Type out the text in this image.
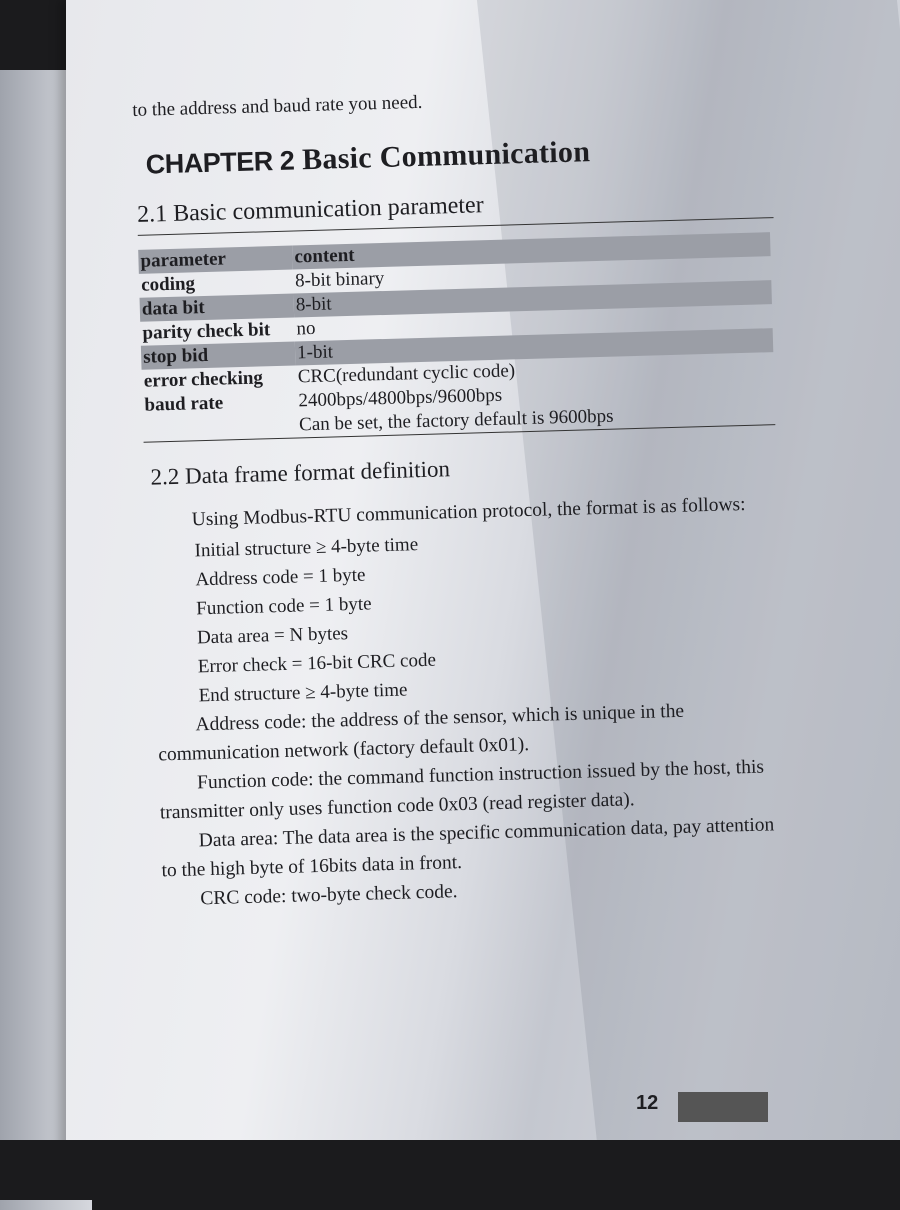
to the address and baud rate you need.

CHAPTER 2 Basic Communication
2.1 Basic communication parameter
parameter	content
coding	8-bit binary
data bit	8-bit
parity check bit	no
stop bid	1-bit
error checking	CRC(redundant cyclic code)
baud rate	2400bps/4800bps/9600bps
	Can be set, the factory default is 9600bps
2.2 Data frame format definition

Using Modbus-RTU communication protocol, the format is as follows:

Initial structure ≥ 4-byte time
Address code = 1 byte
Function code = 1 byte
Data area = N bytes
Error check = 16-bit CRC code
End structure ≥ 4-byte time

Address code: the address of the sensor, which is unique in the communication network (factory default 0x01).

Function code: the command function instruction issued by the host, this transmitter only uses function code 0x03 (read register data).

Data area: The data area is the specific communication data, pay attention to the high byte of 16bits data in front.

CRC code: two-byte check code.

12
